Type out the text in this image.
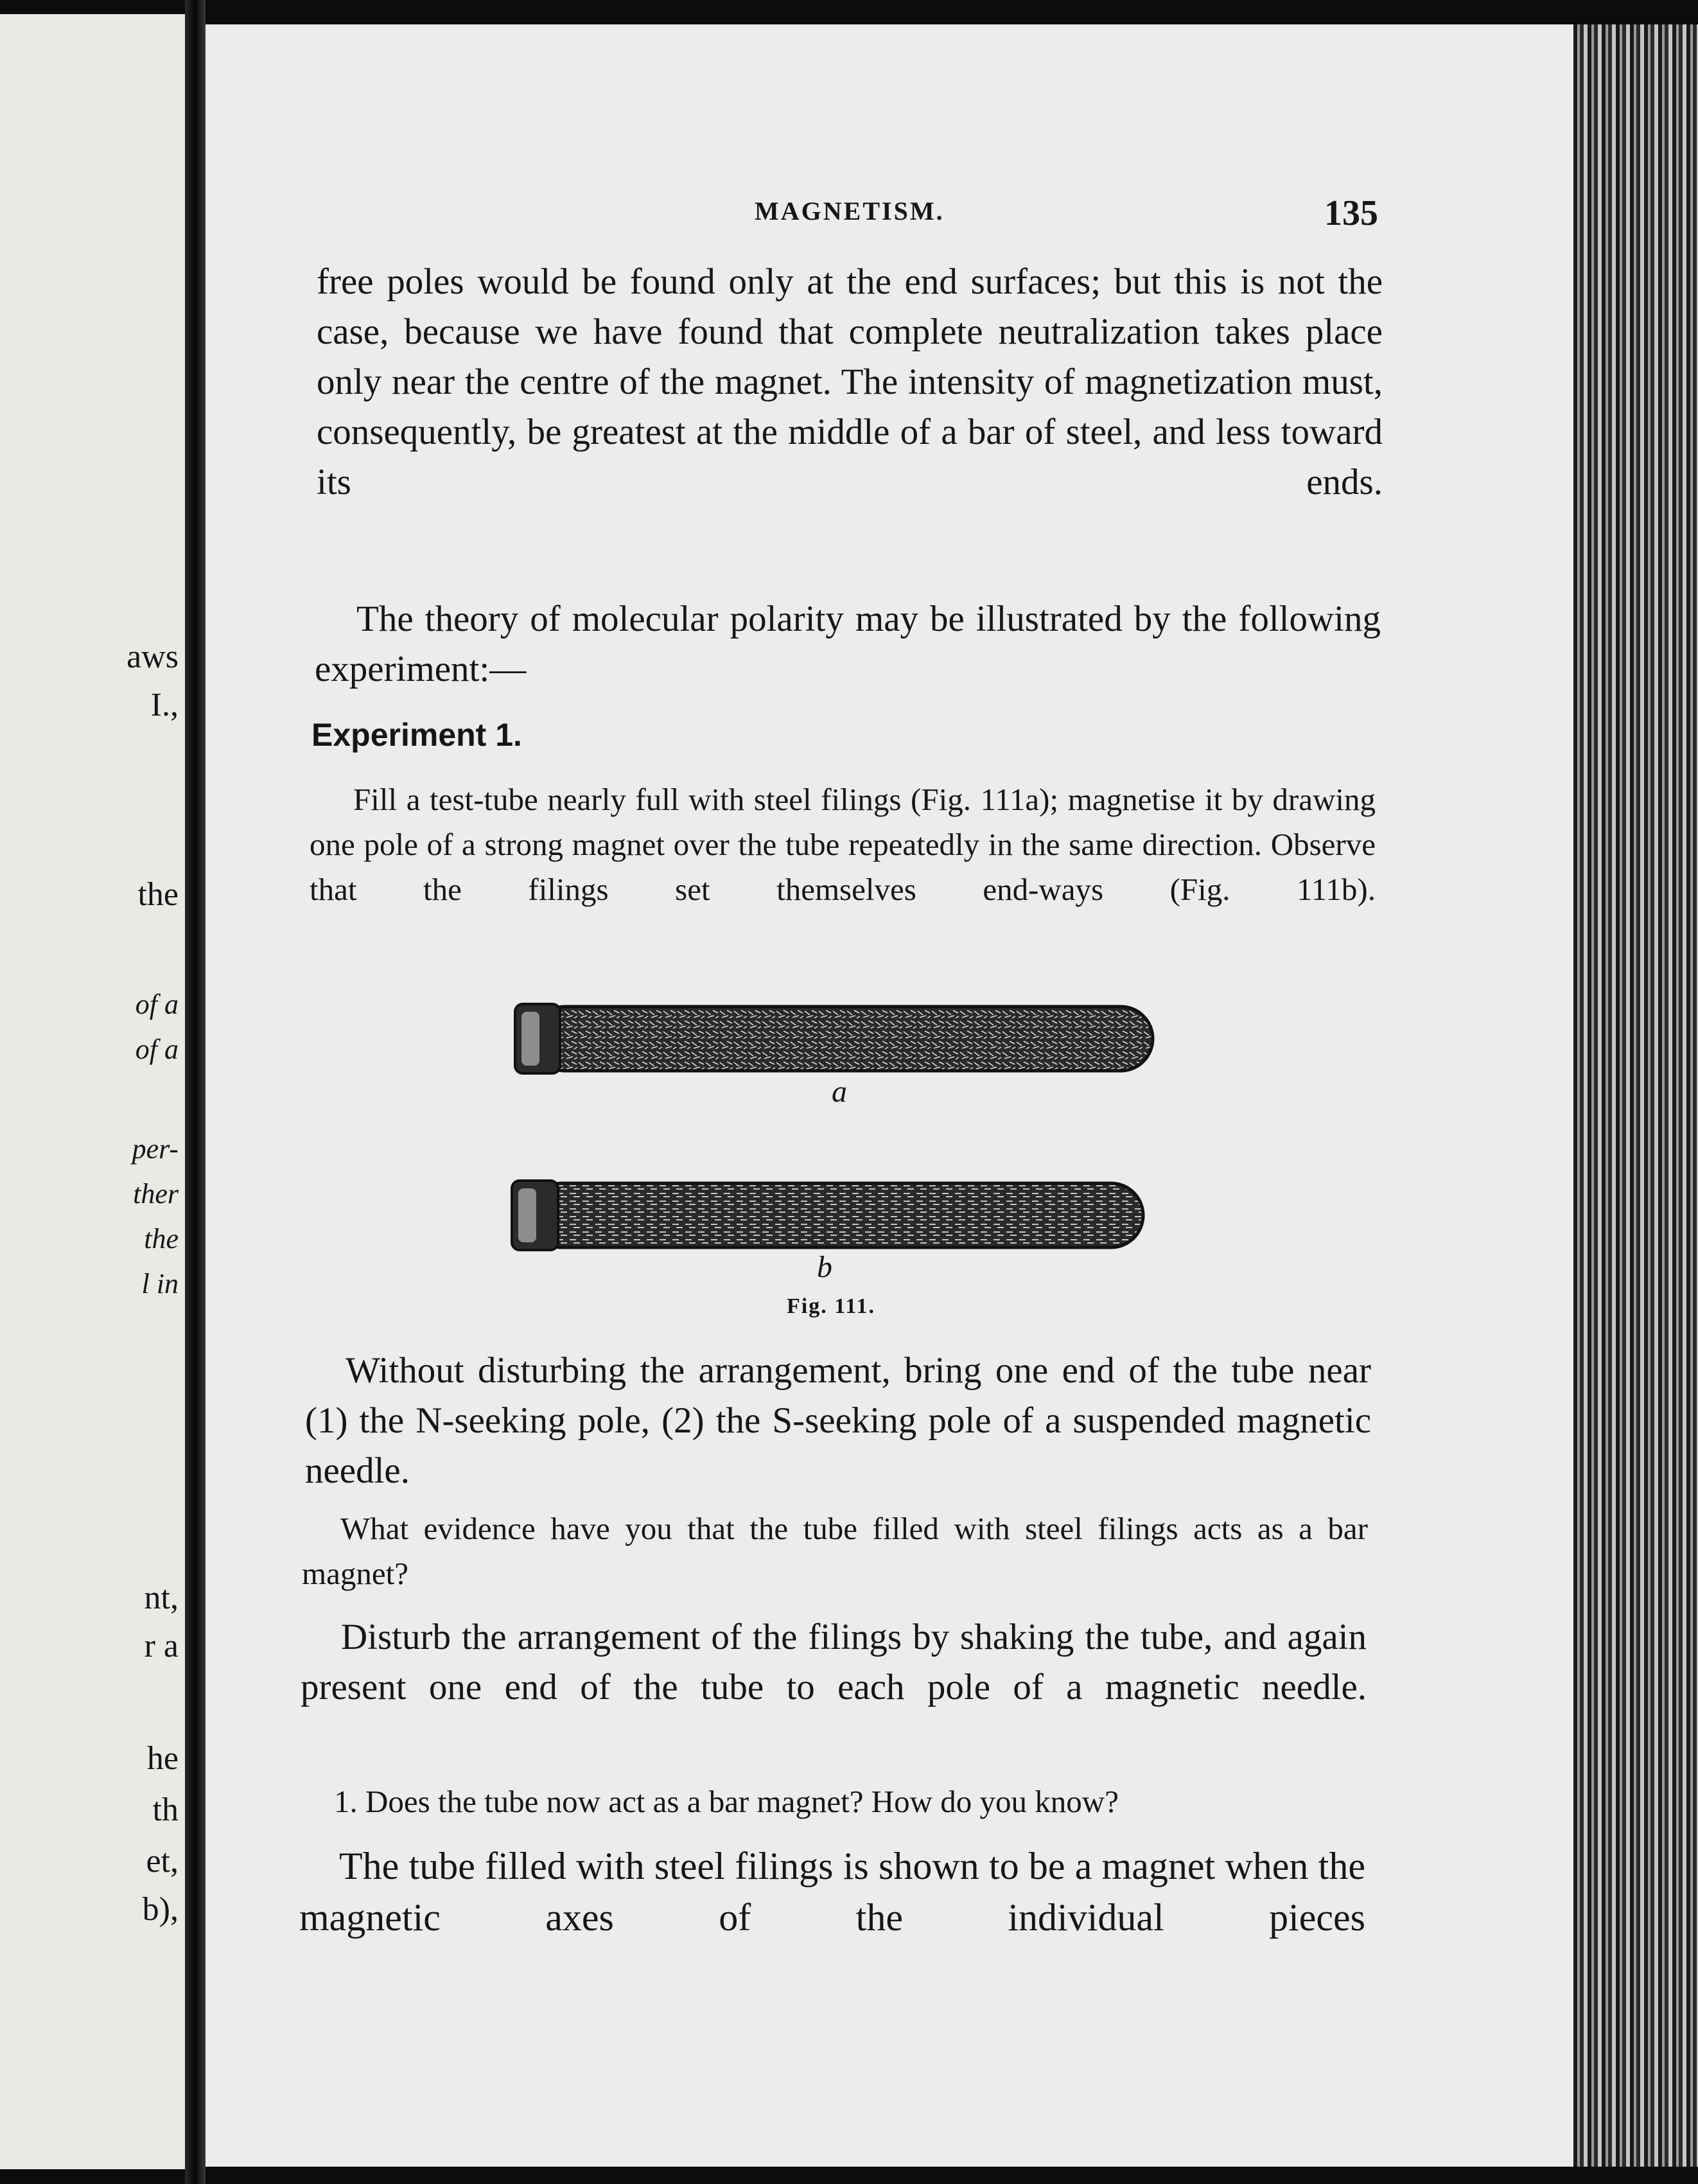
aws
I.,
the
of a
of a
per-
ther
the
l in
nt,
r a
he
th
et,
b),
MAGNETISM.	135

free poles would be found only at the end surfaces; but this is not the case, because we have found that complete neutralization takes place only near the centre of the magnet. The intensity of magnetization must, consequently, be greatest at the middle of a bar of steel, and less toward its ends.

The theory of molecular polarity may be illustrated by the following experiment:—

Experiment 1.

Fill a test-tube nearly full with steel filings (Fig. 111a); magnetise it by drawing one pole of a strong magnet over the tube repeatedly in the same direction. Observe that the filings set themselves end-ways (Fig. 111b).

a
b
Fig. 111.

Without disturbing the arrangement, bring one end of the tube near (1) the N-seeking pole, (2) the S-seeking pole of a suspended magnetic needle.

What evidence have you that the tube filled with steel filings acts as a bar magnet?

Disturb the arrangement of the filings by shaking the tube, and again present one end of the tube to each pole of a magnetic needle.

1. Does the tube now act as a bar magnet? How do you know?

The tube filled with steel filings is shown to be a magnet when the magnetic axes of the individual pieces
